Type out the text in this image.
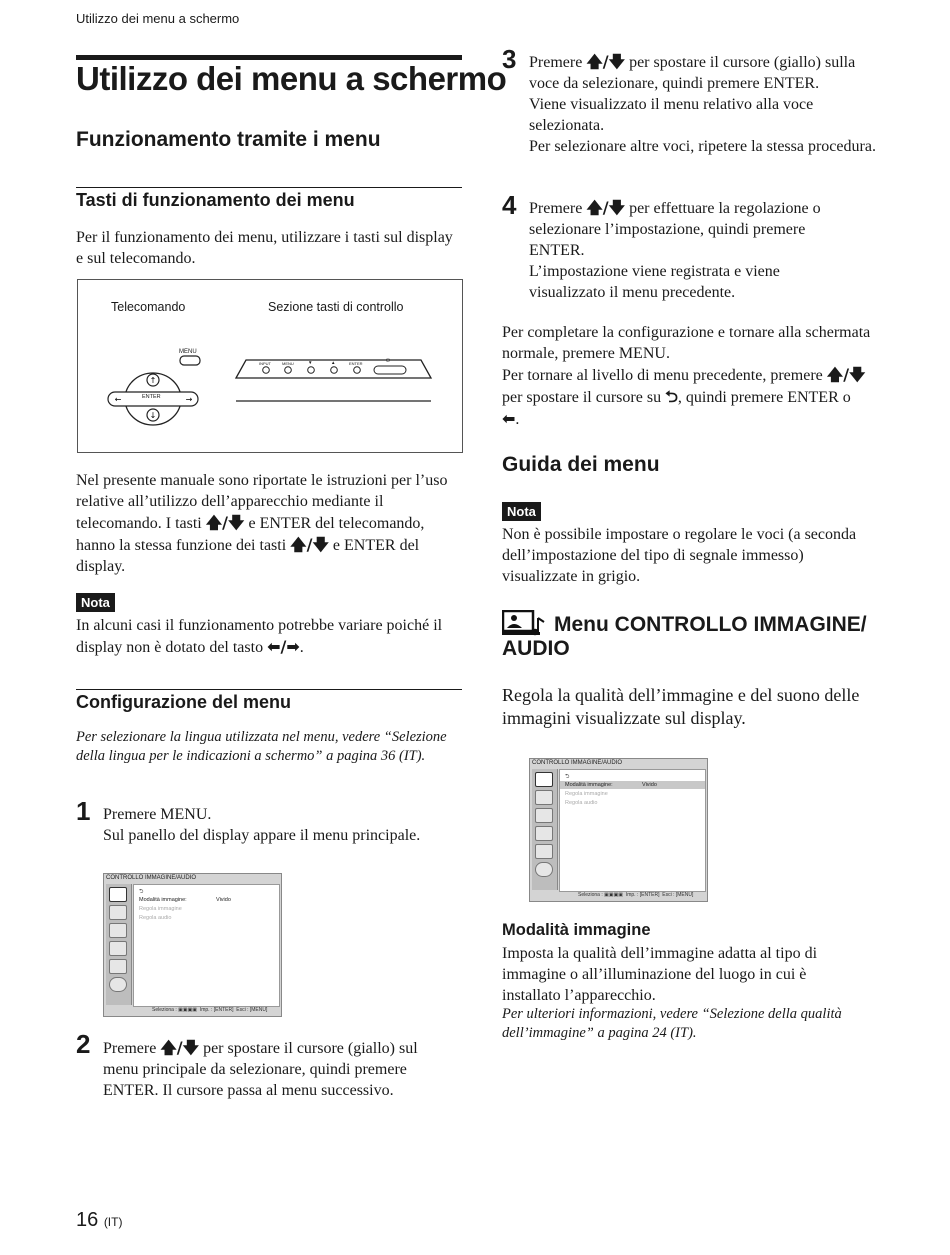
Utilizzo dei menu a schermo
Utilizzo dei menu a schermo
Funzionamento tramite i menu
Tasti di funzionamento dei menu
Per il funzionamento dei menu, utilizzare i tasti sul display e sul telecomando.
Telecomando	Sezione tasti di controllo
↑
↓
←	→
MENU
ENTER
INPUT	MENU	▼	▲	ENTER	⏻
Nel presente manuale sono riportate le istruzioni per l’uso relative all’utilizzo dell’apparecchio mediante il telecomando. I tasti 🡅/🡇 e ENTER del telecomando, hanno la stessa funzione dei tasti 🡅/🡇 e ENTER del display.
Nota
In alcuni casi il funzionamento potrebbe variare poiché il display non è dotato del tasto ⬅/➡.
Configurazione del menu
Per selezionare la lingua utilizzata nel menu, vedere “Selezione della lingua per le indicazioni a schermo” a pagina 36 (IT).
1 Premere MENU.
Sul panello del display appare il menu principale.
CONTROLLO IMMAGINE/AUDIO
⮌
Modalità immagine:	Vivido
Regola immagine
Regola audio
Seleziona : ▣▣▣▣  Imp. : [ENTER]  Esci : [MENU]
2 Premere 🡅/🡇 per spostare il cursore (giallo) sul menu principale da selezionare, quindi premere ENTER. Il cursore passa al menu successivo.
3 Premere 🡅/🡇 per spostare il cursore (giallo) sulla voce da selezionare, quindi premere ENTER.
Viene visualizzato il menu relativo alla voce selezionata.
Per selezionare altre voci, ripetere la stessa procedura.
4 Premere 🡅/🡇 per effettuare la regolazione o selezionare l’impostazione, quindi premere ENTER.
L’impostazione viene registrata e viene visualizzato il menu precedente.
Per completare la configurazione e tornare alla schermata normale, premere MENU.
Per tornare al livello di menu precedente, premere 🡅/🡇 per spostare il cursore su ⮌, quindi premere ENTER o ⬅.
Guida dei menu
Nota
Non è possibile impostare o regolare le voci (a seconda dell’impostazione del tipo di segnale immesso) visualizzate in grigio.
Menu CONTROLLO IMMAGINE/ AUDIO
Regola la qualità dell’immagine e del suono delle immagini visualizzate sul display.
CONTROLLO IMMAGINE/AUDIO
⮌
Modalità immagine:	Vivido
Regola immagine
Regola audio
Seleziona : ▣▣▣▣  Imp. : [ENTER]  Esci : [MENU]
Modalità immagine
Imposta la qualità dell’immagine adatta al tipo di immagine o all’illuminazione del luogo in cui è installato l’apparecchio.
Per ulteriori informazioni, vedere “Selezione della qualità dell’immagine” a pagina 24 (IT).
16 (IT)
